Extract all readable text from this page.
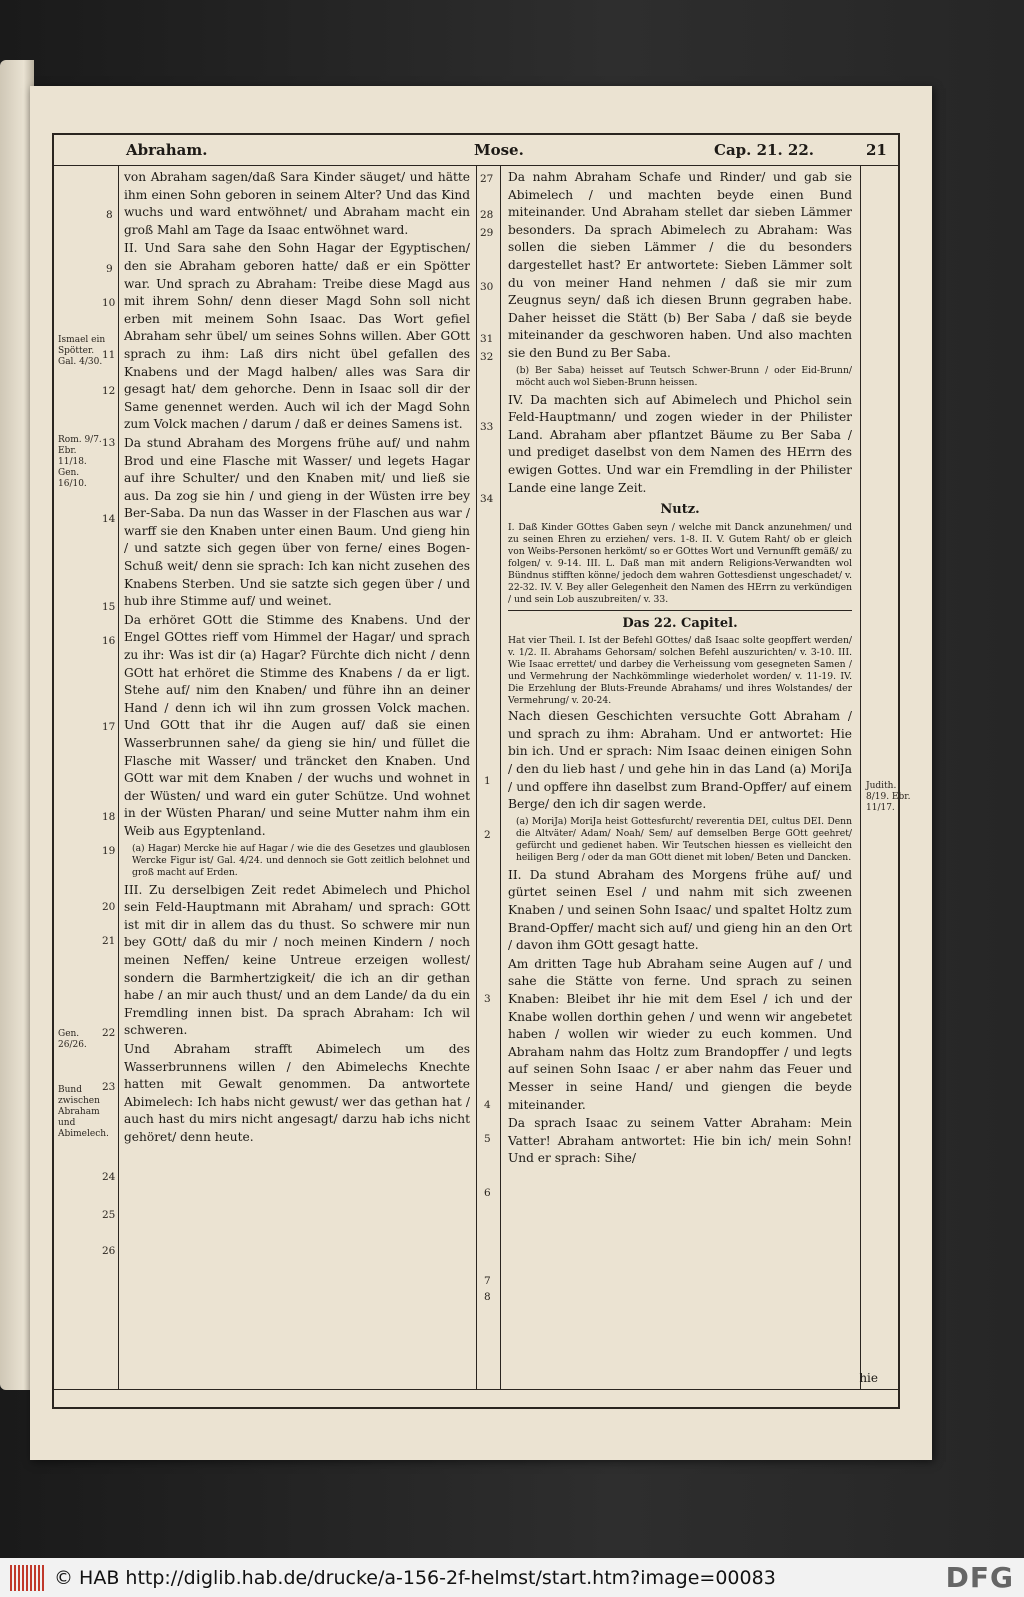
Abraham.	Mose.	Cap. 21. 22.	21
Ismael ein Spötter. Gal. 4/30.
Rom. 9/7. Ebr. 11/18. Gen. 16/10.
Gen. 26/26.
Bund zwischen Abraham und Abimelech.
Judith. 8/19. Ebr. 11/17.
8
9
10
11
12
13
14
15
16
17
18
19
20
21
22
23
24
25
26
27
28
29
30
31
32
33
34
1
2
3
4
5
6
7
8

von Abraham sagen/daß Sara Kinder säuget/ und hätte ihm einen Sohn geboren in seinem Alter? Und das Kind wuchs und ward entwöhnet/ und Abraham macht ein groß Mahl am Tage da Isaac entwöhnet ward.

II. Und Sara sahe den Sohn Hagar der Egyptischen/ den sie Abraham geboren hatte/ daß er ein Spötter war. Und sprach zu Abraham: Treibe diese Magd aus mit ihrem Sohn/ denn dieser Magd Sohn soll nicht erben mit meinem Sohn Isaac. Das Wort gefiel Abraham sehr übel/ um seines Sohns willen. Aber GOtt sprach zu ihm: Laß dirs nicht übel gefallen des Knabens und der Magd halben/ alles was Sara dir gesagt hat/ dem gehorche. Denn in Isaac soll dir der Same genennet werden. Auch wil ich der Magd Sohn zum Volck machen / darum / daß er deines Samens ist.

Da stund Abraham des Morgens frühe auf/ und nahm Brod und eine Flasche mit Wasser/ und legets Hagar auf ihre Schulter/ und den Knaben mit/ und ließ sie aus. Da zog sie hin / und gieng in der Wüsten irre bey Ber-Saba. Da nun das Wasser in der Flaschen aus war / warff sie den Knaben unter einen Baum. Und gieng hin / und satzte sich gegen über von ferne/ eines Bogen-Schuß weit/ denn sie sprach: Ich kan nicht zusehen des Knabens Sterben. Und sie satzte sich gegen über / und hub ihre Stimme auf/ und weinet.

Da erhöret GOtt die Stimme des Knabens. Und der Engel GOttes rieff vom Himmel der Hagar/ und sprach zu ihr: Was ist dir (a) Hagar? Fürchte dich nicht / denn GOtt hat erhöret die Stimme des Knabens / da er ligt. Stehe auf/ nim den Knaben/ und führe ihn an deiner Hand / denn ich wil ihn zum grossen Volck machen. Und GOtt that ihr die Augen auf/ daß sie einen Wasserbrunnen sahe/ da gieng sie hin/ und füllet die Flasche mit Wasser/ und träncket den Knaben. Und GOtt war mit dem Knaben / der wuchs und wohnet in der Wüsten/ und ward ein guter Schütze. Und wohnet in der Wüsten Pharan/ und seine Mutter nahm ihm ein Weib aus Egyptenland.

(a) Hagar) Mercke hie auf Hagar / wie die des Gesetzes und glaublosen Wercke Figur ist/ Gal. 4/24. und dennoch sie Gott zeitlich belohnet und groß macht auf Erden.

III. Zu derselbigen Zeit redet Abimelech und Phichol sein Feld-Hauptmann mit Abraham/ und sprach: GOtt ist mit dir in allem das du thust. So schwere mir nun bey GOtt/ daß du mir / noch meinen Kindern / noch meinen Neffen/ keine Untreue erzeigen wollest/ sondern die Barmhertzigkeit/ die ich an dir gethan habe / an mir auch thust/ und an dem Lande/ da du ein Fremdling innen bist. Da sprach Abraham: Ich wil schweren.

Und Abraham strafft Abimelech um des Wasserbrunnens willen / den Abimelechs Knechte hatten mit Gewalt genommen. Da antwortete Abimelech: Ich habs nicht gewust/ wer das gethan hat / auch hast du mirs nicht angesagt/ darzu hab ichs nicht gehöret/ denn heute.

Da nahm Abraham Schafe und Rinder/ und gab sie Abimelech / und machten beyde einen Bund miteinander. Und Abraham stellet dar sieben Lämmer besonders. Da sprach Abimelech zu Abraham: Was sollen die sieben Lämmer / die du besonders dargestellet hast? Er antwortete: Sieben Lämmer solt du von meiner Hand nehmen / daß sie mir zum Zeugnus seyn/ daß ich diesen Brunn gegraben habe. Daher heisset die Stätt (b) Ber Saba / daß sie beyde miteinander da geschworen haben. Und also machten sie den Bund zu Ber Saba.

(b) Ber Saba) heisset auf Teutsch Schwer-Brunn / oder Eid-Brunn/ möcht auch wol Sieben-Brunn heissen.

IV. Da machten sich auf Abimelech und Phichol sein Feld-Hauptmann/ und zogen wieder in der Philister Land. Abraham aber pflantzet Bäume zu Ber Saba / und prediget daselbst von dem Namen des HErrn des ewigen Gottes. Und war ein Fremdling in der Philister Lande eine lange Zeit.

Nutz.

I. Daß Kinder GOttes Gaben seyn / welche mit Danck anzunehmen/ und zu seinen Ehren zu erziehen/ vers. 1-8. II. V. Gutem Raht/ ob er gleich von Weibs-Personen herkömt/ so er GOttes Wort und Vernunfft gemäß/ zu folgen/ v. 9-14. III. L. Daß man mit andern Religions-Verwandten wol Bündnus stifften könne/ jedoch dem wahren Gottesdienst ungeschadet/ v. 22-32. IV. V. Bey aller Gelegenheit den Namen des HErrn zu verkündigen / und sein Lob auszubreiten/ v. 33.

Das 22. Capitel.

Hat vier Theil. I. Ist der Befehl GOttes/ daß Isaac solte geopffert werden/ v. 1/2. II. Abrahams Gehorsam/ solchen Befehl auszurichten/ v. 3-10. III. Wie Isaac errettet/ und darbey die Verheissung vom gesegneten Samen / und Vermehrung der Nachkömmlinge wiederholet worden/ v. 11-19. IV. Die Erzehlung der Bluts-Freunde Abrahams/ und ihres Wolstandes/ der Vermehrung/ v. 20-24.

Nach diesen Geschichten versuchte Gott Abraham / und sprach zu ihm: Abraham. Und er antwortet: Hie bin ich. Und er sprach: Nim Isaac deinen einigen Sohn / den du lieb hast / und gehe hin in das Land (a) MoriJa / und opffere ihn daselbst zum Brand-Opffer/ auf einem Berge/ den ich dir sagen werde.

(a) MoriJa) MoriJa heist Gottesfurcht/ reverentia DEI, cultus DEI. Denn die Altväter/ Adam/ Noah/ Sem/ auf demselben Berge GOtt geehret/ gefürcht und gedienet haben. Wir Teutschen hiessen es vielleicht den heiligen Berg / oder da man GOtt dienet mit loben/ Beten und Dancken.

II. Da stund Abraham des Morgens frühe auf/ und gürtet seinen Esel / und nahm mit sich zweenen Knaben / und seinen Sohn Isaac/ und spaltet Holtz zum Brand-Opffer/ macht sich auf/ und gieng hin an den Ort / davon ihm GOtt gesagt hatte.

Am dritten Tage hub Abraham seine Augen auf / und sahe die Stätte von ferne. Und sprach zu seinen Knaben: Bleibet ihr hie mit dem Esel / ich und der Knabe wollen dorthin gehen / und wenn wir angebetet haben / wollen wir wieder zu euch kommen. Und Abraham nahm das Holtz zum Brandopffer / und legts auf seinen Sohn Isaac / er aber nahm das Feuer und Messer in seine Hand/ und giengen die beyde miteinander.

Da sprach Isaac zu seinem Vatter Abraham: Mein Vatter! Abraham antwortet: Hie bin ich/ mein Sohn! Und er sprach: Sihe/

hie
© HAB http://diglib.hab.de/drucke/a-156-2f-helmst/start.htm?image=00083	DFG
